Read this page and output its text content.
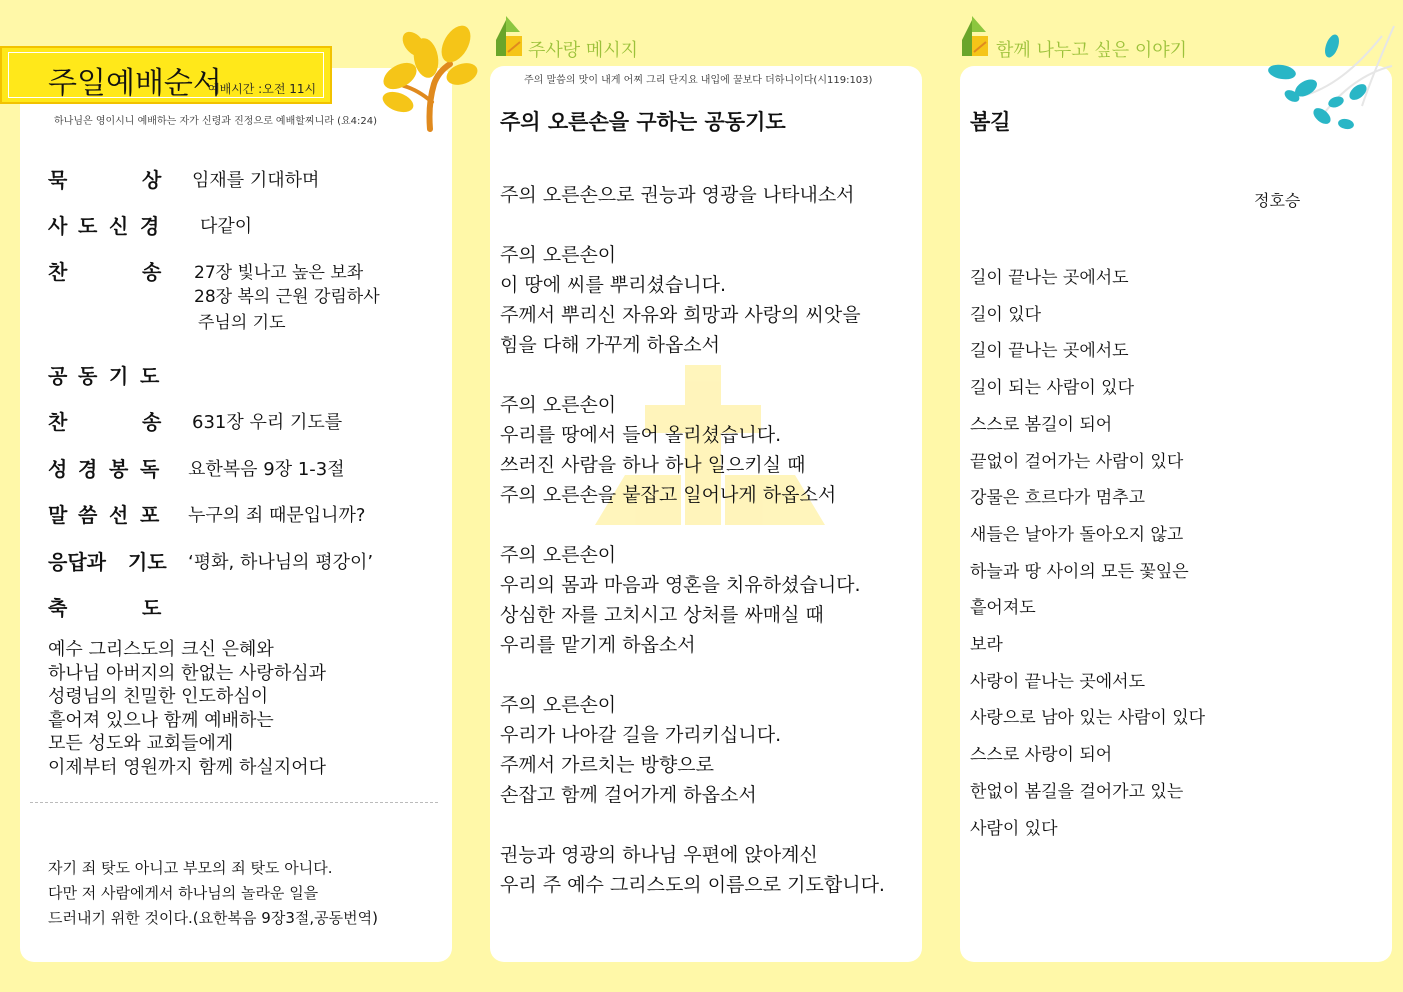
주일예배순서
예배시간 :오전 11시
하나님은 영이시니 예배하는 자가 신령과 진정으로 예배할찌니라 (요4:24)
묵	상 임재를 기대하며
사 도 신 경 다같이
찬	송 27장 빛나고 높은 보좌
28장 복의 근원 강림하사
주님의 기도
공 동 기 도
찬	송 631장 우리 기도를
성 경 봉 독 요한복음 9장 1-3절
말 씀 선 포 누구의 죄 때문입니까?
응답과 기도 ‘평화, 하나님의 평강이’
축	도
예수 그리스도의 크신 은혜와
하나님 아버지의 한없는 사랑하심과
성령님의 친밀한 인도하심이
흩어져 있으나 함께 예배하는
모든 성도와 교회들에게
이제부터 영원까지 함께 하실지어다
자기 죄 탓도 아니고 부모의 죄 탓도 아니다.
다만 저 사람에게서 하나님의 놀라운 일을
드러내기 위한 것이다.(요한복음 9장3절,공동번역)
주사랑 메시지
주의 말씀의 맛이 내게 어찌 그리 단지요 내입에 꿀보다 더하니이다(시119:103)
주의 오른손을 구하는 공동기도
주의 오른손으로 권능과 영광을 나타내소서
주의 오른손이
이 땅에 씨를 뿌리셨습니다.
주께서 뿌리신 자유와 희망과 사랑의 씨앗을
힘을 다해 가꾸게 하옵소서
주의 오른손이
우리를 땅에서 들어 올리셨습니다.
쓰러진 사람을 하나 하나 일으키실 때
주의 오른손을 붙잡고 일어나게 하옵소서
주의 오른손이
우리의 몸과 마음과 영혼을 치유하셨습니다.
상심한 자를 고치시고 상처를 싸매실 때
우리를 맡기게 하옵소서
주의 오른손이
우리가 나아갈 길을 가리키십니다.
주께서 가르치는 방향으로
손잡고 함께 걸어가게 하옵소서
권능과 영광의 하나님 우편에 앉아계신
우리 주 예수 그리스도의 이름으로 기도합니다.
함께 나누고 싶은 이야기
봄길
정호승
길이 끝나는 곳에서도
길이 있다
길이 끝나는 곳에서도
길이 되는 사람이 있다
스스로 봄길이 되어
끝없이 걸어가는 사람이 있다
강물은 흐르다가 멈추고
새들은 날아가 돌아오지 않고
하늘과 땅 사이의 모든 꽃잎은
흩어져도
보라
사랑이 끝나는 곳에서도
사랑으로 남아 있는 사람이 있다
스스로 사랑이 되어
한없이 봄길을 걸어가고 있는
사람이 있다
